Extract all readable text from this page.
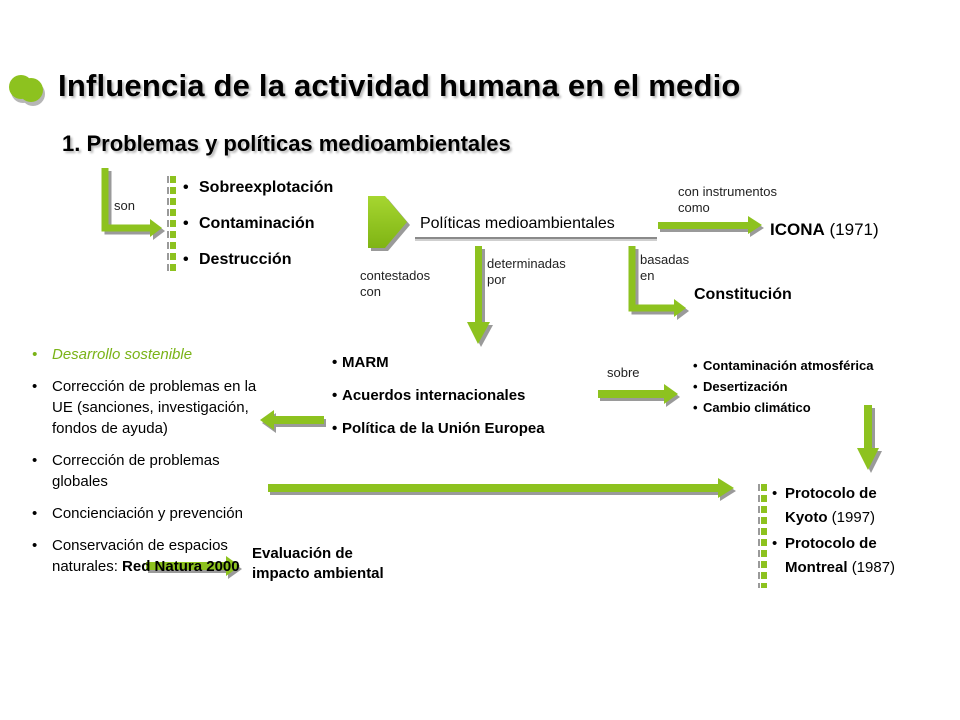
Influencia de la actividad humana en el medio
1. Problemas y políticas medioambientales
son
• Sobreexplotación
• Contaminación
• Destrucción
Políticas medioambientales
con instrumentos
como
ICONA (1971)
contestados
con
determinadas
por
basadas
en
Constitución
• Desarrollo sostenible
• Corrección de problemas en la UE (sanciones, investigación, fondos de ayuda)
• Corrección de problemas globales
• Concienciación y prevención
• Conservación de espacios naturales: Red Natura 2000
• MARM
• Acuerdos internacionales
• Política de la Unión Europea
sobre
•	Contaminación atmosférica
• Desertización
• Cambio climático
Evaluación de
impacto ambiental
• Protocolo de
Kyoto (1997)
• Protocolo de
Montreal (1987)
